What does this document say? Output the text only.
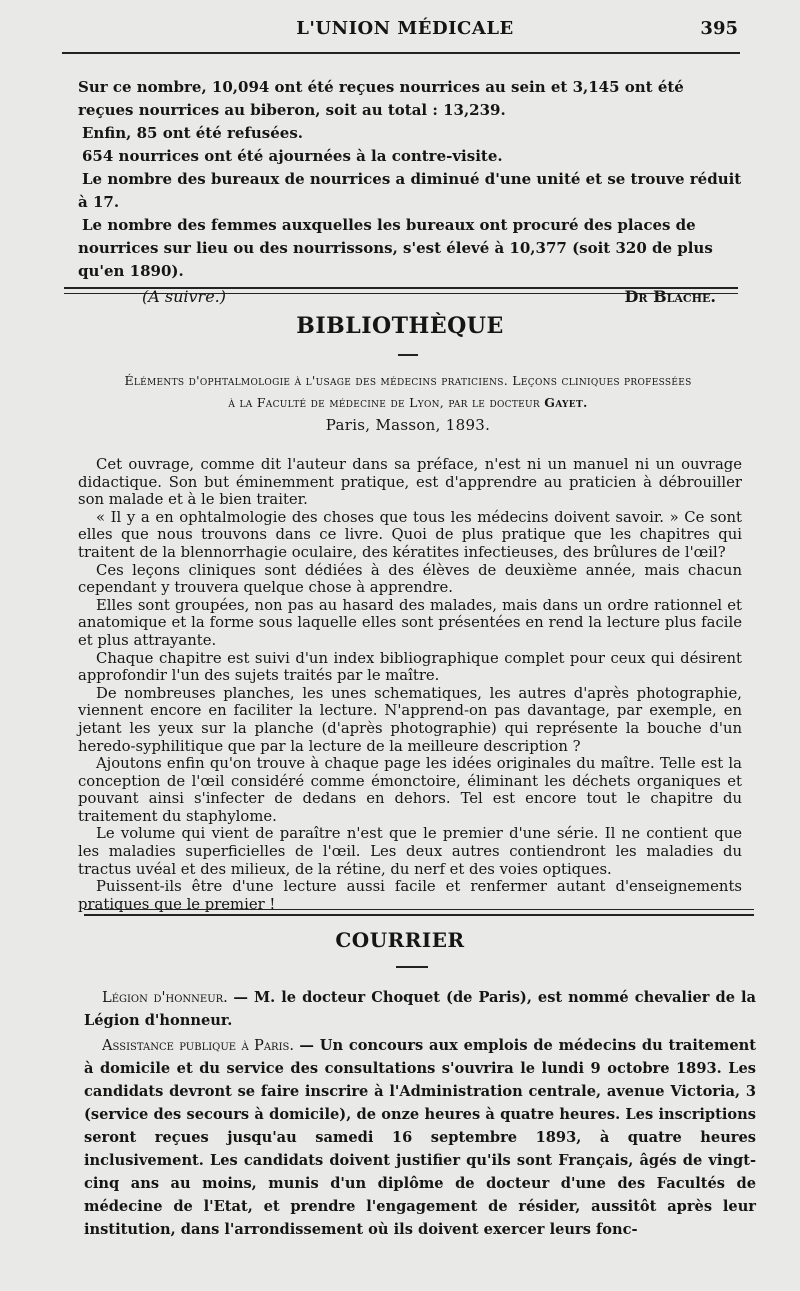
L'UNION MÉDICALE	395

Sur ce nombre, 10,094 ont été reçues nourrices au sein et 3,145 ont été reçues nourrices au biberon, soit au total : 13,239.

Enfin, 85 ont été refusées.

654 nourrices ont été ajournées à la contre-visite.

Le nombre des bureaux de nourrices a diminué d'une unité et se trouve réduit à 17.

Le nombre des femmes auxquelles les bureaux ont procuré des places de nourrices sur lieu ou des nourrissons, s'est élevé à 10,377 (soit 320 de plus qu'en 1890).

(A suivre.)	Dr Blache.
BIBLIOTHÈQUE
Éléments d'ophtalmologie à l'usage des médecins praticiens. Leçons cliniques professées
à la Faculté de médecine de Lyon, par le docteur Gayet.
Paris, Masson, 1893.

Cet ouvrage, comme dit l'auteur dans sa préface, n'est ni un manuel ni un ouvrage didactique. Son but éminemment pratique, est d'apprendre au praticien à débrouiller son malade et à le bien traiter.

« Il y a en ophtalmologie des choses que tous les médecins doivent savoir. » Ce sont elles que nous trouvons dans ce livre. Quoi de plus pratique que les chapitres qui traitent de la blennorrhagie oculaire, des kératites infectieuses, des brûlures de l'œil?

Ces leçons cliniques sont dédiées à des élèves de deuxième année, mais chacun cependant y trouvera quelque chose à apprendre.

Elles sont groupées, non pas au hasard des malades, mais dans un ordre rationnel et anatomique et la forme sous laquelle elles sont présentées en rend la lecture plus facile et plus attrayante.

Chaque chapitre est suivi d'un index bibliographique complet pour ceux qui désirent approfondir l'un des sujets traités par le maître.

De nombreuses planches, les unes schematiques, les autres d'après photographie, viennent encore en faciliter la lecture. N'apprend-on pas davantage, par exemple, en jetant les yeux sur la planche (d'après photographie) qui représente la bouche d'un heredo-syphilitique que par la lecture de la meilleure description ?

Ajoutons enfin qu'on trouve à chaque page les idées originales du maître. Telle est la conception de l'œil considéré comme émonctoire, éliminant les déchets organiques et pouvant ainsi s'infecter de dedans en dehors. Tel est encore tout le chapitre du traitement du staphylome.

Le volume qui vient de paraître n'est que le premier d'une série. Il ne contient que les maladies superficielles de l'œil. Les deux autres contiendront les maladies du tractus uvéal et des milieux, de la rétine, du nerf et des voies optiques.

Puissent-ils être d'une lecture aussi facile et renfermer autant d'enseignements pratiques que le premier !

COURRIER

Légion d'honneur. — M. le docteur Choquet (de Paris), est nommé chevalier de la Légion d'honneur.

Assistance publique à Paris. — Un concours aux emplois de médecins du traitement à domicile et du service des consultations s'ouvrira le lundi 9 octobre 1893. Les candidats devront se faire inscrire à l'Administration centrale, avenue Victoria, 3 (service des secours à domicile), de onze heures à quatre heures. Les inscriptions seront reçues jusqu'au samedi 16 septembre 1893, à quatre heures inclusivement. Les candidats doivent justifier qu'ils sont Français, âgés de vingt-cinq ans au moins, munis d'un diplôme de docteur d'une des Facultés de médecine de l'Etat, et prendre l'engagement de résider, aussitôt après leur institution, dans l'arrondissement où ils doivent exercer leurs fonc-
